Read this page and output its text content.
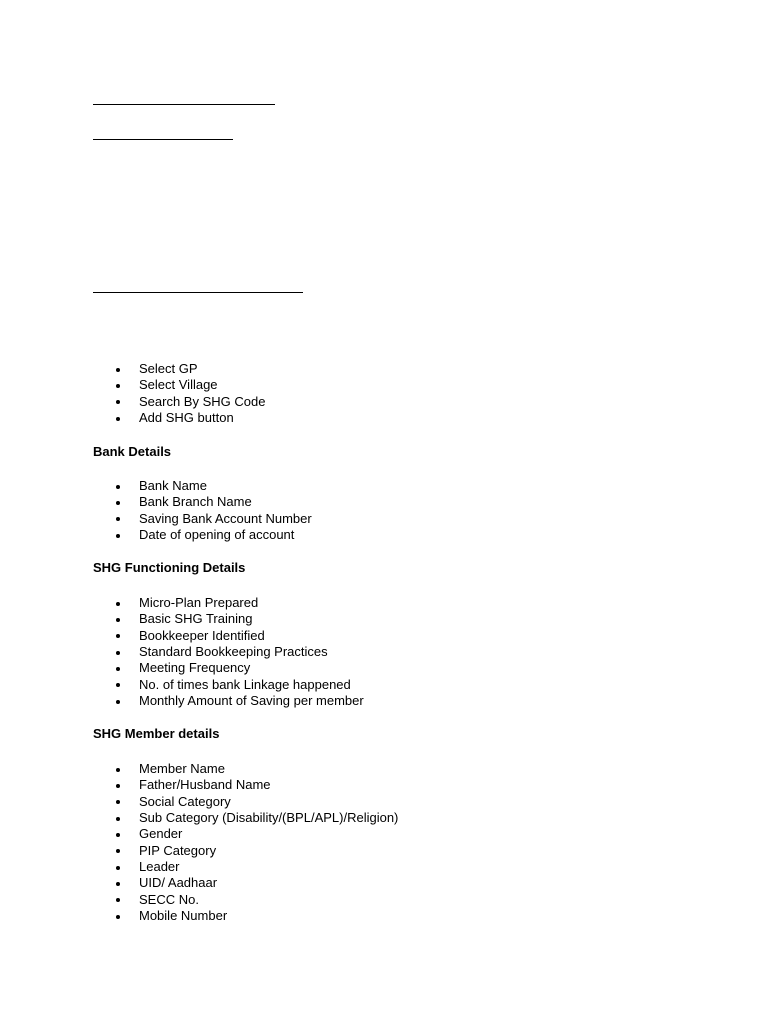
Select GP
Select Village
Search By SHG Code
Add SHG button
Bank Details
Bank Name
Bank Branch Name
Saving Bank Account Number
Date of opening of account
SHG Functioning Details
Micro-Plan Prepared
Basic SHG Training
Bookkeeper Identified
Standard Bookkeeping Practices
Meeting Frequency
No. of times bank Linkage happened
Monthly Amount of Saving per member
SHG Member details
Member Name
Father/Husband Name
Social Category
Sub Category (Disability/(BPL/APL)/Religion)
Gender
PIP Category
Leader
UID/ Aadhaar
SECC No.
Mobile Number
